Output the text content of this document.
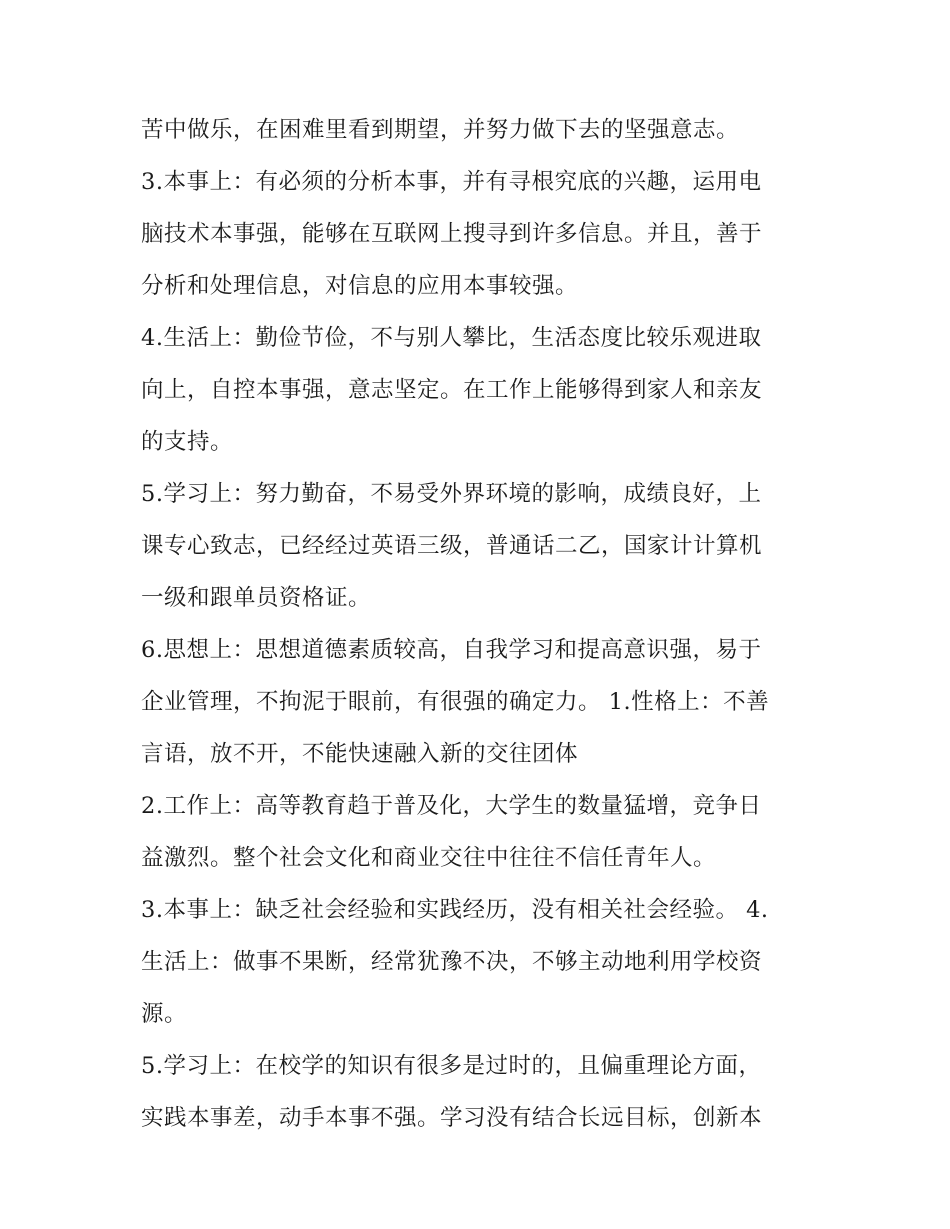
苦中做乐，在困难里看到期望，并努力做下去的坚强意志。
3.本事上：有必须的分析本事，并有寻根究底的兴趣，运用电
脑技术本事强，能够在互联网上搜寻到许多信息。并且，善于
分析和处理信息，对信息的应用本事较强。
4.生活上：勤俭节俭，不与别人攀比，生活态度比较乐观进取
向上，自控本事强，意志坚定。在工作上能够得到家人和亲友
的支持。
5.学习上：努力勤奋，不易受外界环境的影响，成绩良好，上
课专心致志，已经经过英语三级，普通话二乙，国家计计算机
一级和跟单员资格证。
6.思想上：思想道德素质较高，自我学习和提高意识强，易于
企业管理，不拘泥于眼前，有很强的确定力。 1.性格上：不善
言语，放不开，不能快速融入新的交往团体
2.工作上：高等教育趋于普及化，大学生的数量猛增，竞争日
益激烈。整个社会文化和商业交往中往往不信任青年人。
3.本事上：缺乏社会经验和实践经历，没有相关社会经验。 4.
生活上：做事不果断，经常犹豫不决，不够主动地利用学校资
源。
5.学习上：在校学的知识有很多是过时的，且偏重理论方面，
实践本事差，动手本事不强。学习没有结合长远目标，创新本
